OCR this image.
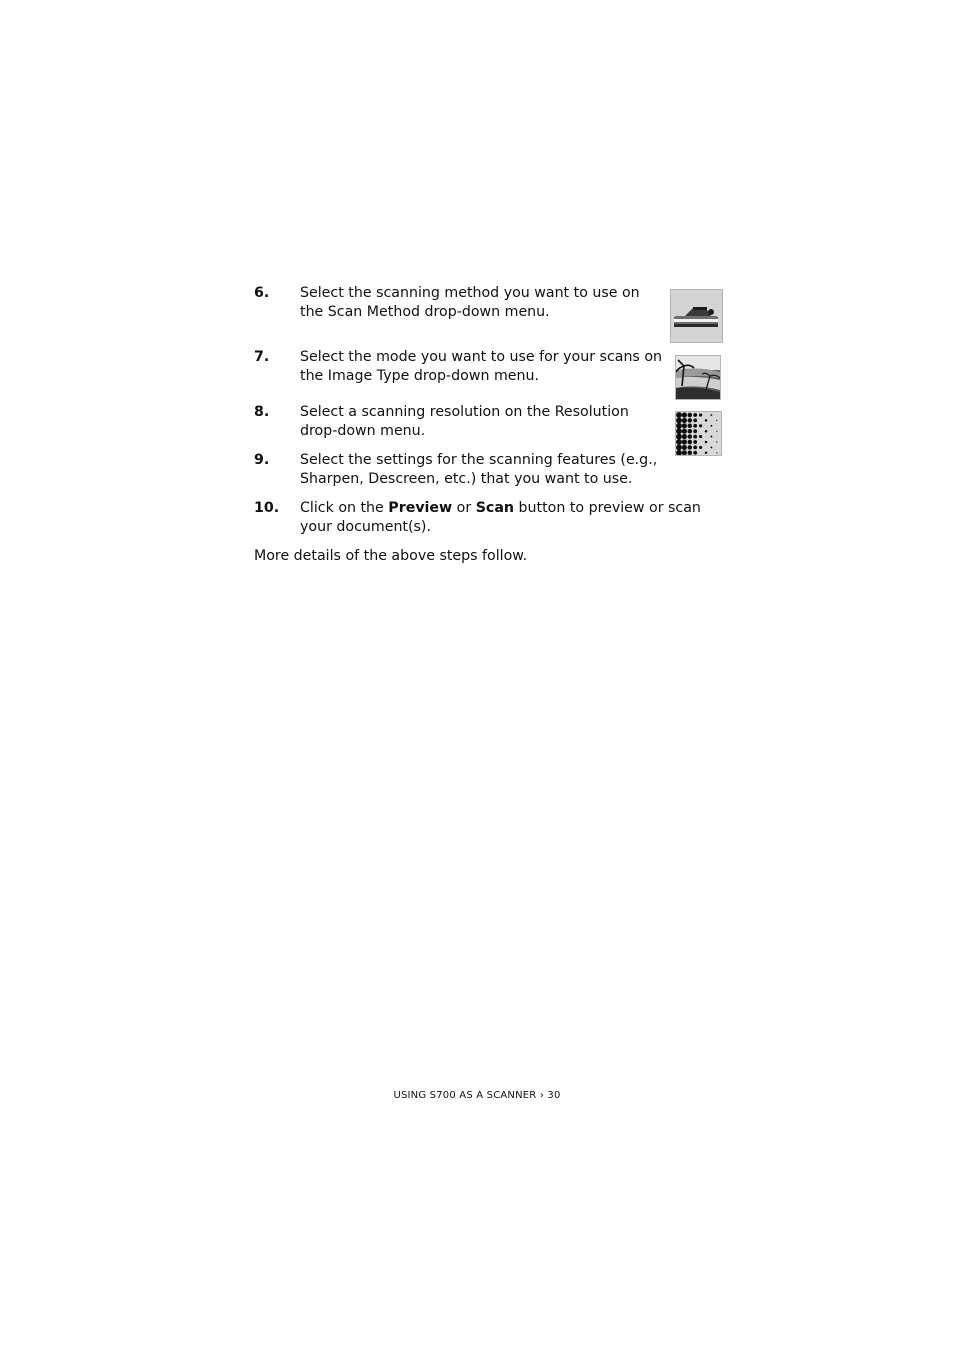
6. Select the scanning method you want to use on the Scan Method drop-down menu.
7. Select the mode you want to use for your scans on the Image Type drop-down menu.
8. Select a scanning resolution on the Resolution drop-down menu.
9. Select the settings for the scanning features (e.g., Sharpen, Descreen, etc.) that you want to use.
10. Click on the Preview or Scan button to preview or scan your document(s).
More details of the above steps follow.
USING S700 AS A SCANNER › 30
